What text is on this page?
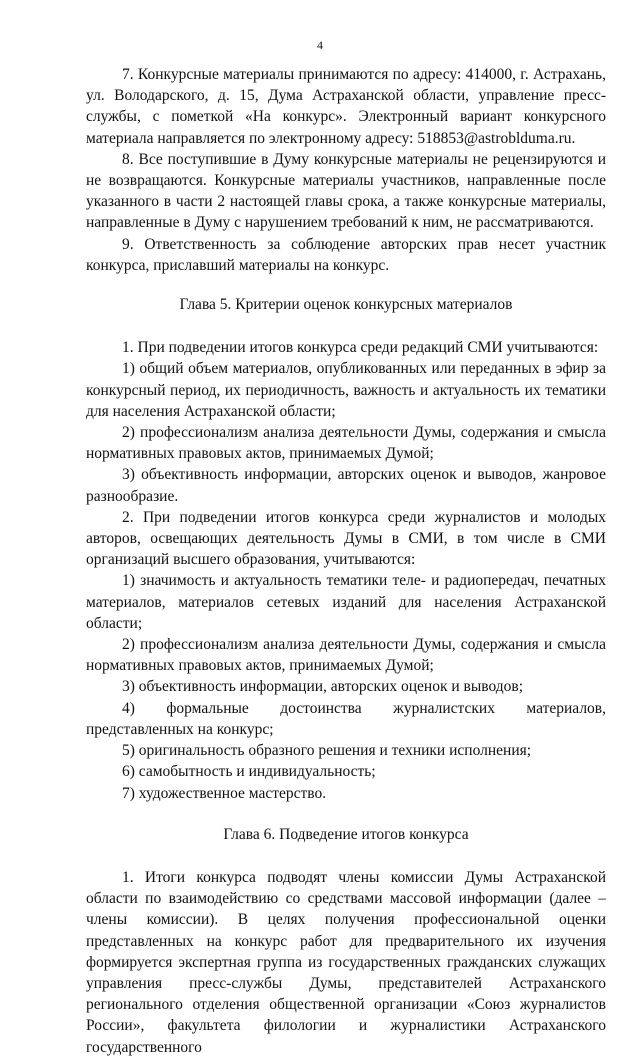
4

7. Конкурсные материалы принимаются по адресу: 414000, г. Астрахань, ул. Володарского, д. 15, Дума Астраханской области, управление пресс-службы, с пометкой «На конкурс». Электронный вариант конкурсного материала направляется по электронному адресу: 518853@astroblduma.ru.

8. Все поступившие в Думу конкурсные материалы не рецензируются и не возвращаются. Конкурсные материалы участников, направленные после указанного в части 2 настоящей главы срока, а также конкурсные материалы, направленные в Думу с нарушением требований к ним, не рассматриваются.

9. Ответственность за соблюдение авторских прав несет участник конкурса, приславший материалы на конкурс.

Глава 5. Критерии оценок конкурсных материалов

1. При подведении итогов конкурса среди редакций СМИ учитываются:

1) общий объем материалов, опубликованных или переданных в эфир за конкурсный период, их периодичность, важность и актуальность их тематики для населения Астраханской области;

2) профессионализм анализа деятельности Думы, содержания и смысла нормативных правовых актов, принимаемых Думой;

3) объективность информации, авторских оценок и выводов, жанровое разнообразие.

2. При подведении итогов конкурса среди журналистов и молодых авторов, освещающих деятельность Думы в СМИ, в том числе в СМИ организаций высшего образования, учитываются:

1) значимость и актуальность тематики теле- и радиопередач, печатных материалов, материалов сетевых изданий для населения Астраханской области;

2) профессионализм анализа деятельности Думы, содержания и смысла нормативных правовых актов, принимаемых Думой;

3) объективность информации, авторских оценок и выводов;

4) формальные достоинства журналистских материалов, представленных на конкурс;

5) оригинальность образного решения и техники исполнения;

6) самобытность и индивидуальность;

7) художественное мастерство.

Глава 6. Подведение итогов конкурса

1. Итоги конкурса подводят члены комиссии Думы Астраханской области по взаимодействию со средствами массовой информации (далее – члены комиссии). В целях получения профессиональной оценки представленных на конкурс работ для предварительного их изучения формируется экспертная группа из государственных гражданских служащих управления пресс-службы Думы, представителей Астраханского регионального отделения общественной организации «Союз журналистов России», факультета филологии и журналистики Астраханского государственного
